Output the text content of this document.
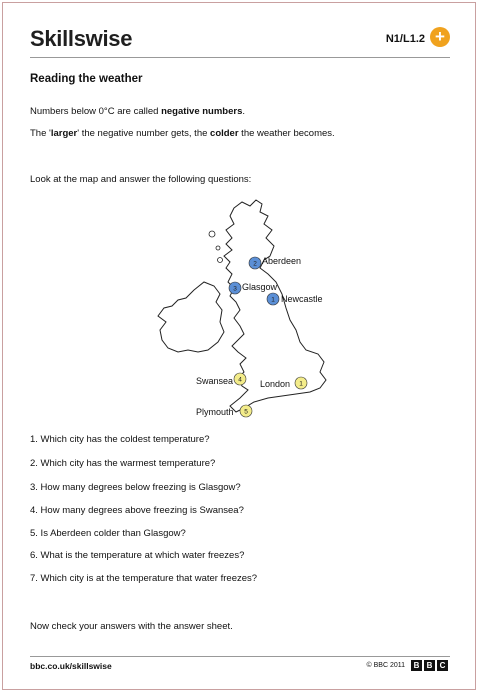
Skillswise	N1/L1.2 +
Reading the weather
Numbers below 0°C are called negative numbers.
The 'larger' the negative number gets, the colder the weather becomes.
Look at the map and answer the following questions:
2 Aberdeen
3 Glasgow
1 Newcastle
4
Swansea	1
London
5
Plymouth
1. Which city has the coldest temperature?
2. Which city has the warmest temperature?
3. How many degrees below freezing is Glasgow?
4. How many degrees above freezing is Swansea?
5. Is Aberdeen colder than Glasgow?
6. What is the temperature at which water freezes?
7. Which city is at the temperature that water freezes?
Now check your answers with the answer sheet.
bbc.co.uk/skillswise	© BBC 2011	B B C
